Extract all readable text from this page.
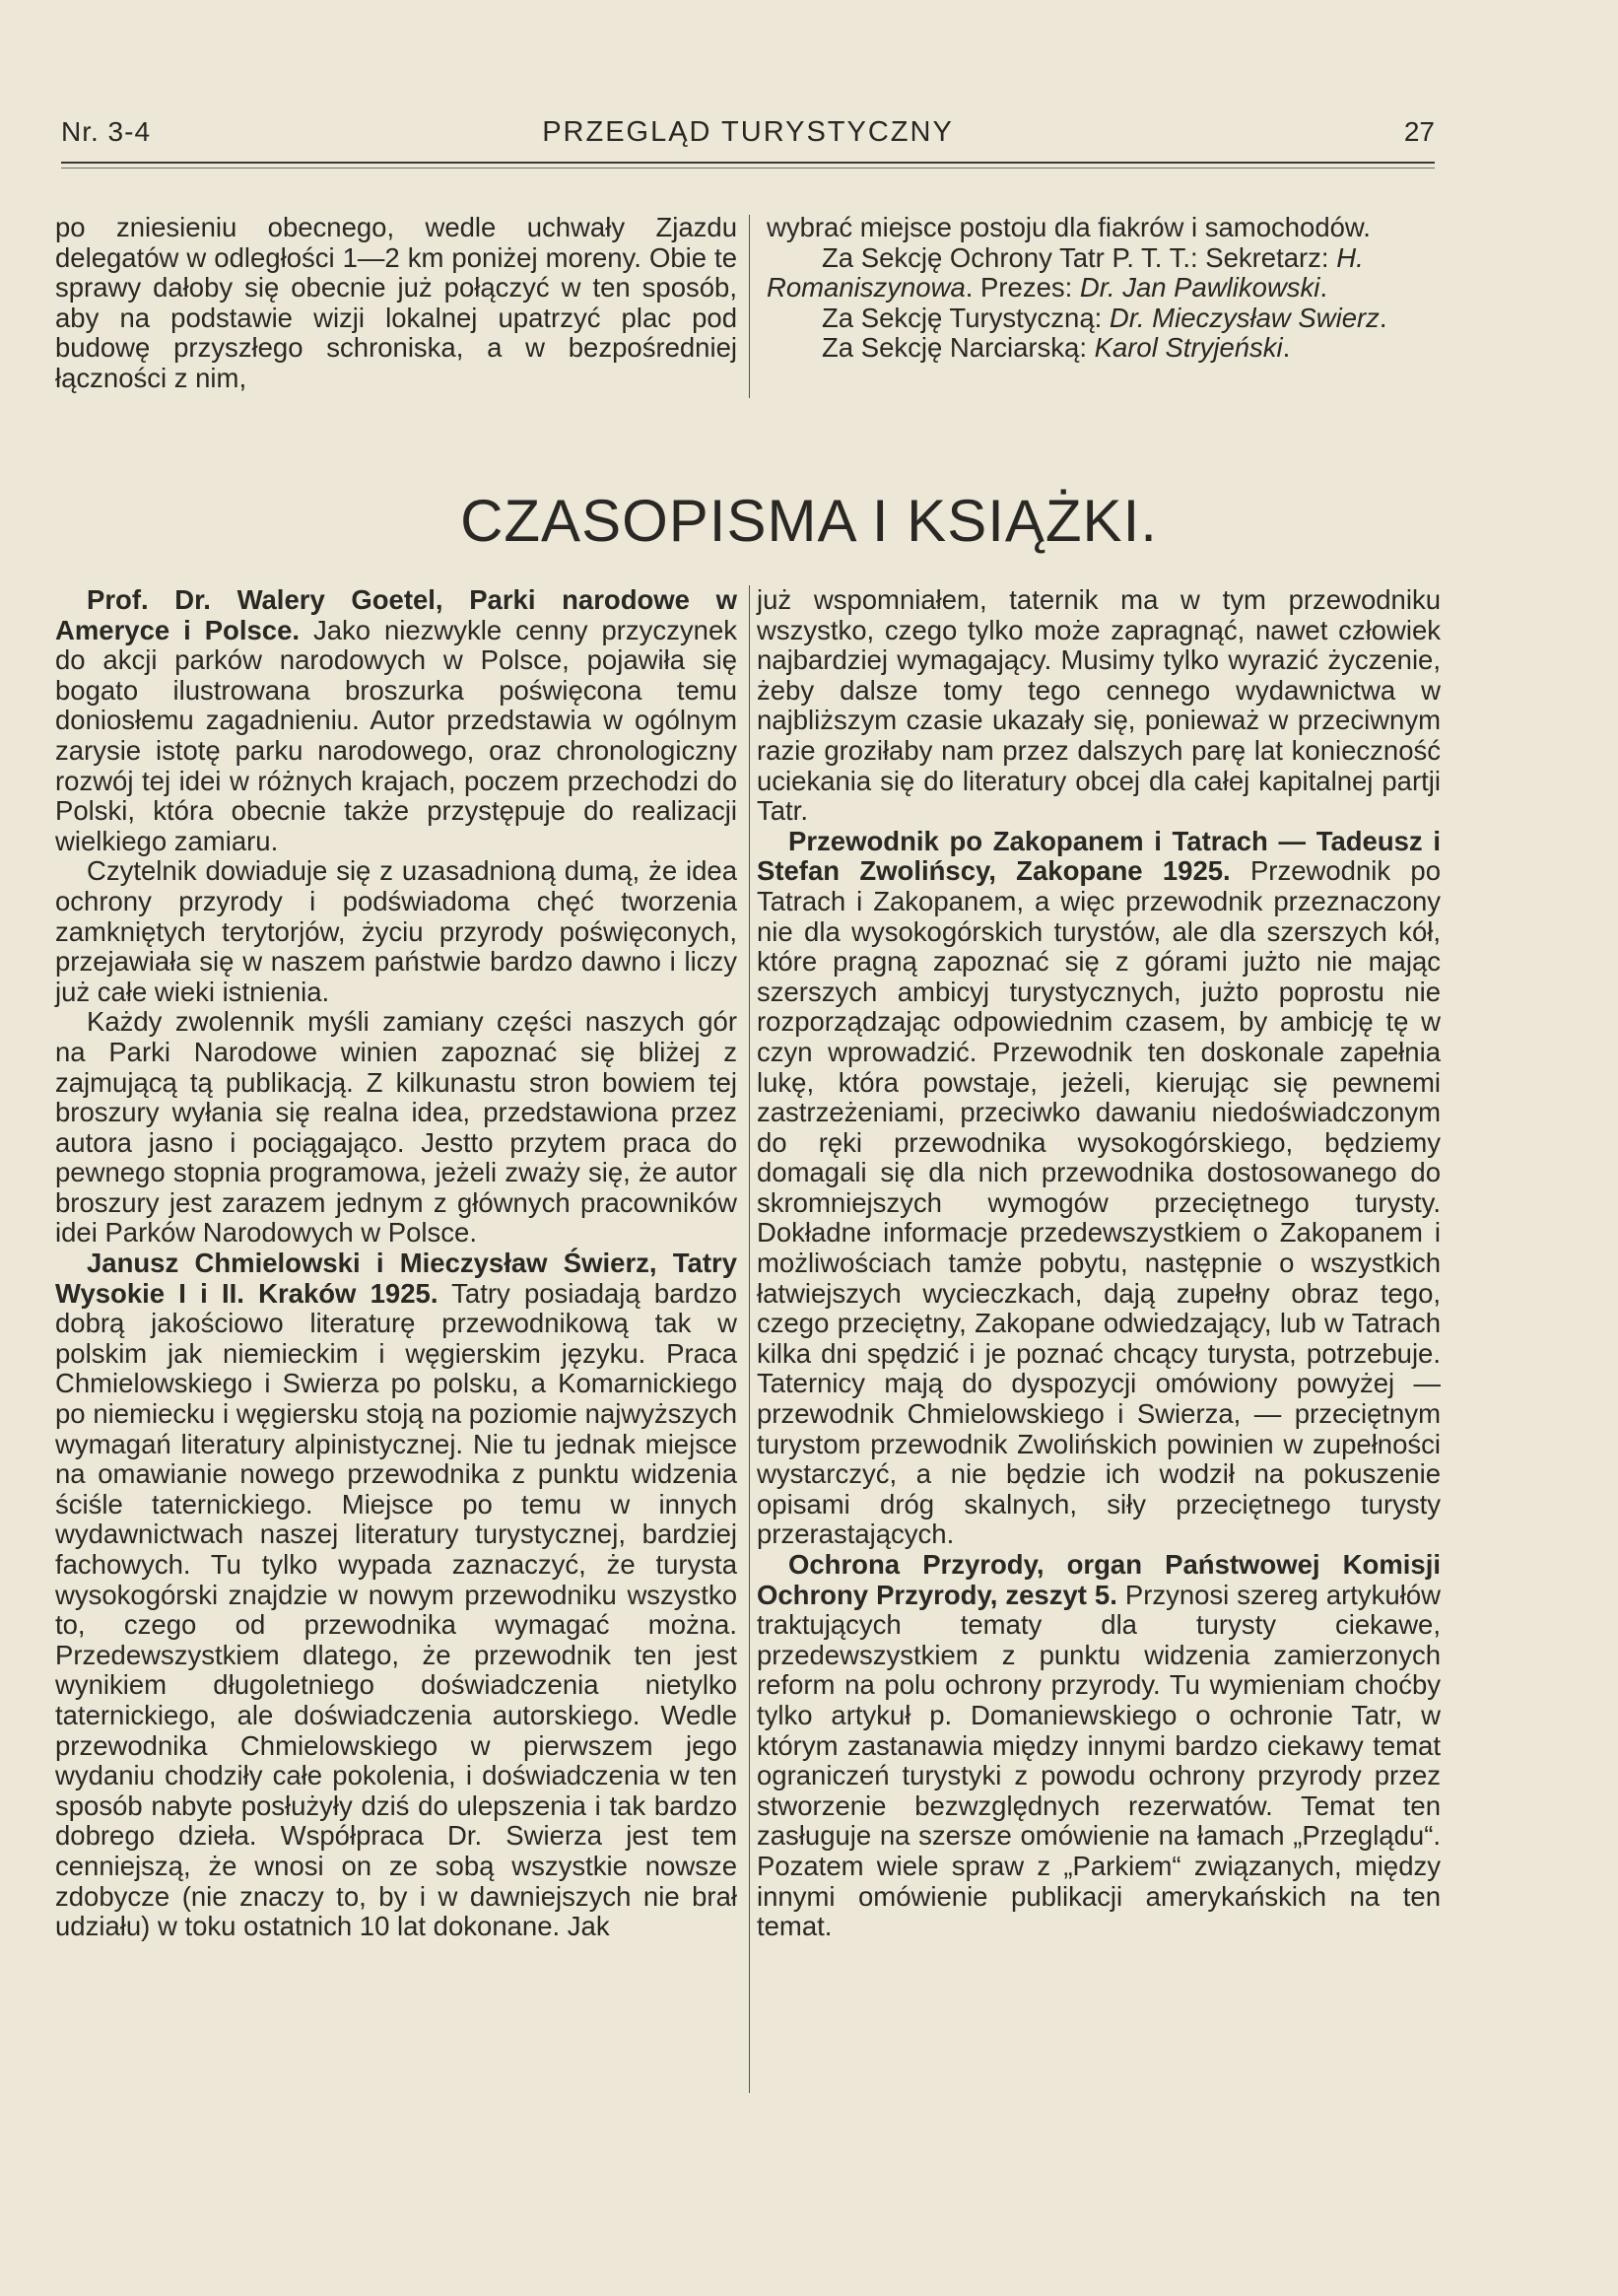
Nr. 3-4	PRZEGLĄD TURYSTYCZNY	27

po zniesieniu obecnego, wedle uchwały Zjazdu delegatów w odległości 1—2 km poniżej moreny. Obie te sprawy dałoby się obecnie już połączyć w ten sposób, aby na podstawie wizji lokalnej upatrzyć plac pod budowę przyszłego schroniska, a w bezpośredniej łączności z nim,

wybrać miejsce postoju dla fiakrów i samochodów.

Za Sekcję Ochrony Tatr P. T. T.: Sekretarz: H. Romaniszynowa. Prezes: Dr. Jan Pawlikowski.

Za Sekcję Turystyczną: Dr. Mieczysław Swierz.

Za Sekcję Narciarską: Karol Stryjeński.

CZASOPISMA I KSIĄŻKI.

Prof. Dr. Walery Goetel, Parki narodowe w Ameryce i Polsce. Jako niezwykle cenny przyczynek do akcji parków narodowych w Polsce, pojawiła się bogato ilustrowana broszurka poświęcona temu doniosłemu zagadnieniu. Autor przedstawia w ogólnym zarysie istotę parku narodowego, oraz chronologiczny rozwój tej idei w różnych krajach, poczem przechodzi do Polski, która obecnie także przystępuje do realizacji wielkiego zamiaru.

Czytelnik dowiaduje się z uzasadnioną dumą, że idea ochrony przyrody i podświadoma chęć tworzenia zamkniętych terytorjów, życiu przyrody poświęconych, przejawiała się w naszem państwie bardzo dawno i liczy już całe wieki istnienia.

Każdy zwolennik myśli zamiany części naszych gór na Parki Narodowe winien zapoznać się bliżej z zajmującą tą publikacją. Z kilkunastu stron bowiem tej broszury wyłania się realna idea, przedstawiona przez autora jasno i pociągająco. Jestto przytem praca do pewnego stopnia programowa, jeżeli zważy się, że autor broszury jest zarazem jednym z głównych pracowników idei Parków Narodowych w Polsce.

Janusz Chmielowski i Mieczysław Świerz, Tatry Wysokie I i II. Kraków 1925. Tatry posiadają bardzo dobrą jakościowo literaturę przewodnikową tak w polskim jak niemieckim i węgierskim języku. Praca Chmielowskiego i Swierza po polsku, a Komarnickiego po niemiecku i węgiersku stoją na poziomie najwyższych wymagań literatury alpinistycznej. Nie tu jednak miejsce na omawianie nowego przewodnika z punktu widzenia ściśle taternickiego. Miejsce po temu w innych wydawnictwach naszej literatury turystycznej, bardziej fachowych. Tu tylko wypada zaznaczyć, że turysta wysokogórski znajdzie w nowym przewodniku wszystko to, czego od przewodnika wymagać można. Przedewszystkiem dlatego, że przewodnik ten jest wynikiem długoletniego doświadczenia nietylko taternickiego, ale doświadczenia autorskiego. Wedle przewodnika Chmielowskiego w pierwszem jego wydaniu chodziły całe pokolenia, i doświadczenia w ten sposób nabyte posłużyły dziś do ulepszenia i tak bardzo dobrego dzieła. Współpraca Dr. Swierza jest tem cenniejszą, że wnosi on ze sobą wszystkie nowsze zdobycze (nie znaczy to, by i w dawniejszych nie brał udziału) w toku ostatnich 10 lat dokonane. Jak

już wspomniałem, taternik ma w tym przewodniku wszystko, czego tylko może zapragnąć, nawet człowiek najbardziej wymagający. Musimy tylko wyrazić życzenie, żeby dalsze tomy tego cennego wydawnictwa w najbliższym czasie ukazały się, ponieważ w przeciwnym razie groziłaby nam przez dalszych parę lat konieczność uciekania się do literatury obcej dla całej kapitalnej partji Tatr.

Przewodnik po Zakopanem i Tatrach — Tadeusz i Stefan Zwolińscy, Zakopane 1925. Przewodnik po Tatrach i Zakopanem, a więc przewodnik przeznaczony nie dla wysokogórskich turystów, ale dla szerszych kół, które pragną zapoznać się z górami jużto nie mając szerszych ambicyj turystycznych, jużto poprostu nie rozporządzając odpowiednim czasem, by ambicję tę w czyn wprowadzić. Przewodnik ten doskonale zapełnia lukę, która powstaje, jeżeli, kierując się pewnemi zastrzeżeniami, przeciwko dawaniu niedoświadczonym do ręki przewodnika wysokogórskiego, będziemy domagali się dla nich przewodnika dostosowanego do skromniejszych wymogów przeciętnego turysty. Dokładne informacje przedewszystkiem o Zakopanem i możliwościach tamże pobytu, następnie o wszystkich łatwiejszych wycieczkach, dają zupełny obraz tego, czego przeciętny, Zakopane odwiedzający, lub w Tatrach kilka dni spędzić i je poznać chcący turysta, potrzebuje. Taternicy mają do dyspozycji omówiony powyżej — przewodnik Chmielowskiego i Swierza, — przeciętnym turystom przewodnik Zwolińskich powinien w zupełności wystarczyć, a nie będzie ich wodził na pokuszenie opisami dróg skalnych, siły przeciętnego turysty przerastających.

Ochrona Przyrody, organ Państwowej Komisji Ochrony Przyrody, zeszyt 5. Przynosi szereg artykułów traktujących tematy dla turysty ciekawe, przedewszystkiem z punktu widzenia zamierzonych reform na polu ochrony przyrody. Tu wymieniam choćby tylko artykuł p. Domaniewskiego o ochronie Tatr, w którym zastanawia między innymi bardzo ciekawy temat ograniczeń turystyki z powodu ochrony przyrody przez stworzenie bezwzględnych rezerwatów. Temat ten zasługuje na szersze omówienie na łamach „Przeglądu“. Pozatem wiele spraw z „Parkiem“ związanych, między innymi omówienie publikacji amerykańskich na ten temat.
